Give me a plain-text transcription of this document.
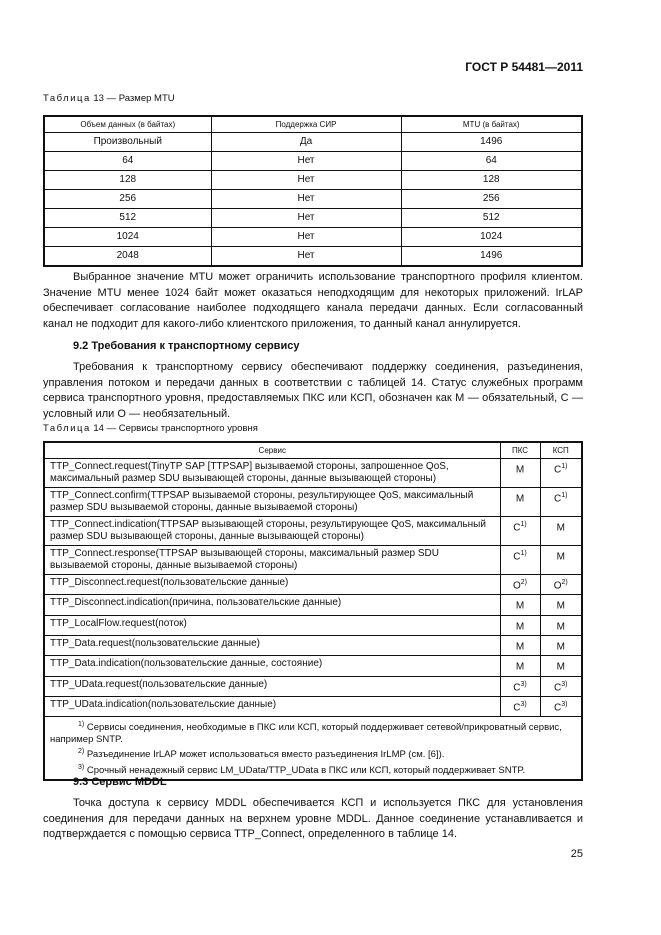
ГОСТ Р 54481—2011
Таблица 13 — Размер MTU
Объем данных (в байтах)	Поддержка СИР	MTU (в байтах)
Произвольный	Да	1496
64	Нет	64
128	Нет	128
256	Нет	256
512	Нет	512
1024	Нет	1024
2048	Нет	1496
Выбранное значение MTU может ограничить использование транспортного профиля клиентом. Значение MTU менее 1024 байт может оказаться неподходящим для некоторых приложений. IrLAP обеспечивает согласование наиболее подходящего канала передачи данных. Если согласованный канал не подходит для какого-либо клиентского приложения, то данный канал аннулируется.
9.2 Требования к транспортному сервису
Требования к транспортному сервису обеспечивают поддержку соединения, разъединения, управления потоком и передачи данных в соответствии с таблицей 14. Статус служебных программ сервиса транспортного уровня, предоставляемых ПКС или КСП, обозначен как М — обязательный, С — условный или О — необязательный.
Таблица 14 — Сервисы транспортного уровня
Сервис	ПКС	КСП
TTP_Connect.request(TinyTP SAP [TTPSAP] вызываемой стороны, запрошенное QoS, максимальный размер SDU вызывающей стороны, данные вызывающей стороны)	М	$С^{1)}$
TTP_Connect.confirm(TTPSAP вызываемой стороны, результирующее QoS, максимальный размер SDU вызываемой стороны, данные вызываемой стороны)	М	$С^{1)}$
TTP_Connect.indication(TTPSAP вызывающей стороны, результирующее QoS, максимальный размер SDU вызывающей стороны, данные вызывающей стороны)	$С^{1)}$	М
TTP_Connect.response(TTPSAP вызывающей стороны, максимальный размер SDU вызываемой стороны, данные вызываемой стороны)	$С^{1)}$	М
TTP_Disconnect.request(пользовательские данные)	$О^{2)}$	$О^{2)}$
TTP_Disconnect.indication(причина, пользовательские данные)	М	М
TTP_LocalFlow.request(поток)	М	М
TTP_Data.request(пользовательские данные)	М	М
TTP_Data.indication(пользовательские данные, состояние)	М	М
TTP_UData.request(пользовательские данные)	$С^{3)}$	$С^{3)}$
TTP_UData.indication(пользовательские данные)	$С^{3)}$	$С^{3)}$

$^{1)}$ Сервисы соединения, необходимые в ПКС или КСП, который поддерживает сетевой/прикроватный сервис, например SNTP.
$^{2)}$ Разъединение IrLAP может использоваться вместо разъединения IrLMP (см. [6]).
$^{3)}$ Срочный ненадежный сервис LM_UData/TTP_UData в ПКС или КСП, который поддерживает SNTP.		
9.3 Сервис MDDL
Точка доступа к сервису MDDL обеспечивается КСП и используется ПКС для установления соединения для передачи данных на верхнем уровне MDDL. Данное соединение устанавливается и подтверждается с помощью сервиса TTP_Connect, определенного в таблице 14.
25
